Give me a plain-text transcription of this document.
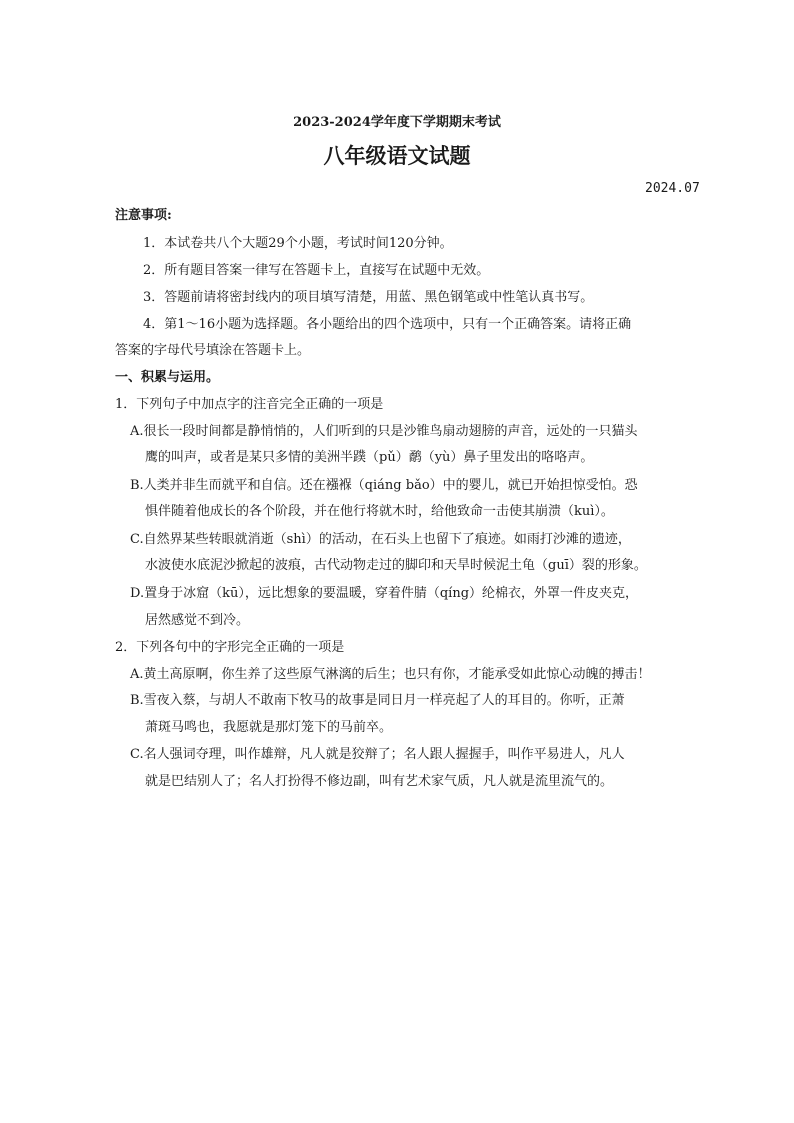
2023-2024学年度下学期期末考试
八年级语文试题
2024.07
注意事项:
1．本试卷共八个大题29个小题，考试时间120分钟。
2．所有题目答案一律写在答题卡上，直接写在试题中无效。
3．答题前请将密封线内的项目填写清楚，用蓝、黑色钢笔或中性笔认真书写。
4．第1～16小题为选择题。各小题给出的四个选项中，只有一个正确答案。请将正确
答案的字母代号填涂在答题卡上。
一、积累与运用。
1．下列句子中加点字的注音完全正确的一项是
A.很长一段时间都是静悄悄的，人们听到的只是沙锥鸟扇动翅膀的声音，远处的一只猫头
鹰的叫声，或者是某只多情的美洲半蹼（pǔ）鹬（yù）鼻子里发出的咯咯声。
B.人类并非生而就平和自信。还在襁褓（qiáng bǎo）中的婴儿，就已开始担惊受怕。恐
惧伴随着他成长的各个阶段，并在他行将就木时，给他致命一击使其崩溃（kuì）。
C.自然界某些转眼就消逝（shì）的活动，在石头上也留下了痕迹。如雨打沙滩的遗迹，
水波使水底泥沙掀起的波痕，古代动物走过的脚印和天旱时候泥土龟（guī）裂的形象。
D.置身于冰窟（kū），远比想象的要温暖，穿着件腈（qíng）纶棉衣，外罩一件皮夹克，
居然感觉不到冷。
2．下列各句中的字形完全正确的一项是
A.黄土高原啊，你生养了这些原气淋漓的后生；也只有你，才能承受如此惊心动魄的搏击！
B.雪夜入蔡，与胡人不敢南下牧马的故事是同日月一样亮起了人的耳目的。你听，正萧
萧斑马鸣也，我愿就是那灯笼下的马前卒。
C.名人强词夺理，叫作雄辩，凡人就是狡辩了；名人跟人握握手，叫作平易进人，凡人
就是巴结别人了；名人打扮得不修边副，叫有艺术家气质，凡人就是流里流气的。
